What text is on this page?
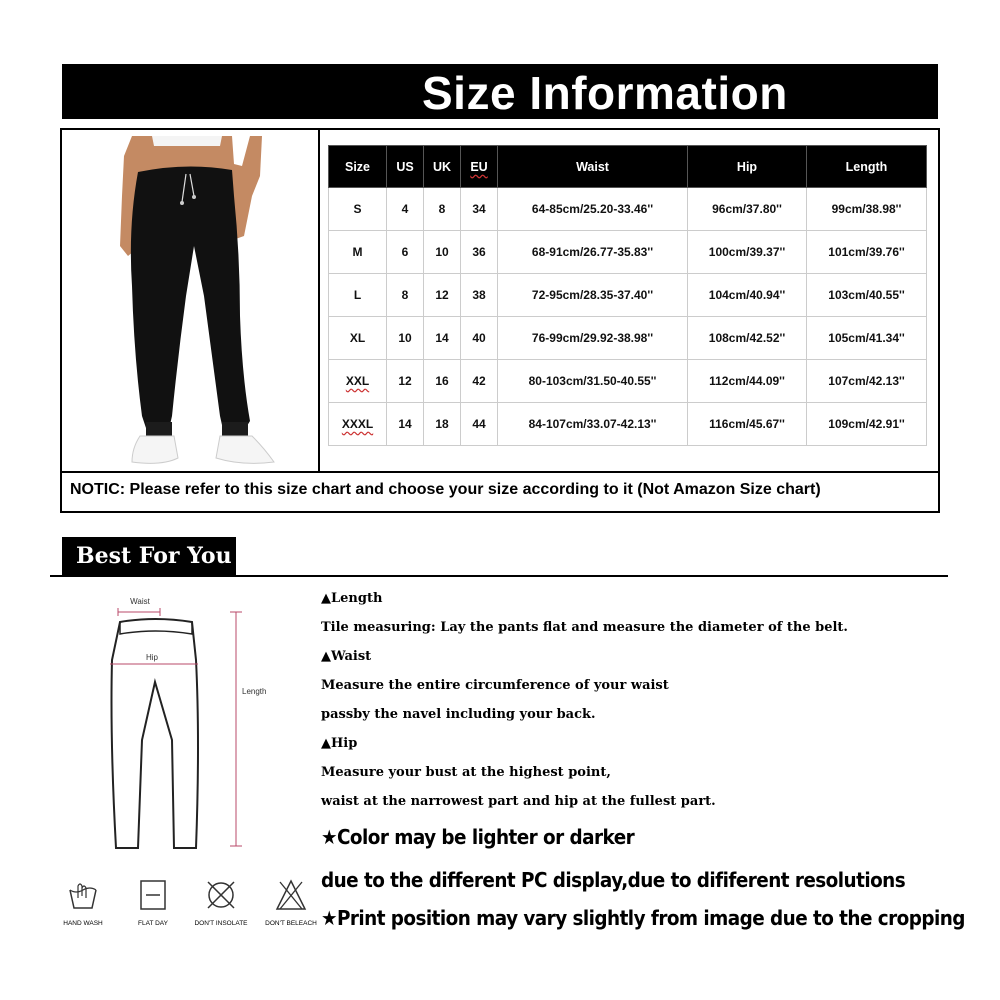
Size Information
Size	US	UK	EU	Waist	Hip	Length
S	4	8	34	64-85cm/25.20-33.46''	96cm/37.80''	99cm/38.98''
M	6	10	36	68-91cm/26.77-35.83''	100cm/39.37''	101cm/39.76''
L	8	12	38	72-95cm/28.35-37.40''	104cm/40.94''	103cm/40.55''
XL	10	14	40	76-99cm/29.92-38.98''	108cm/42.52''	105cm/41.34''
XXL	12	16	42	80-103cm/31.50-40.55''	112cm/44.09''	107cm/42.13''
XXXL	14	18	44	84-107cm/33.07-42.13''	116cm/45.67''	109cm/42.91''
NOTIC: Please refer to this size chart and choose your size according to it (Not Amazon Size chart)
Best For You
Waist
Hip
Length
HAND WASH	FLAT DAY	DON'T INSOLATE	DON'T BELEACH
▲Length
Tile measuring: Lay the pants flat and measure the diameter of the belt.
▲Waist
Measure the entire circumference of your waist
passby the navel including your back.
▲Hip
Measure your bust at the highest point,
waist at the narrowest part and hip at the fullest part.
★Color may be lighter or darker
due to the different PC display,due to dififerent resolutions
★Print position may vary slightly from image due to the cropping
